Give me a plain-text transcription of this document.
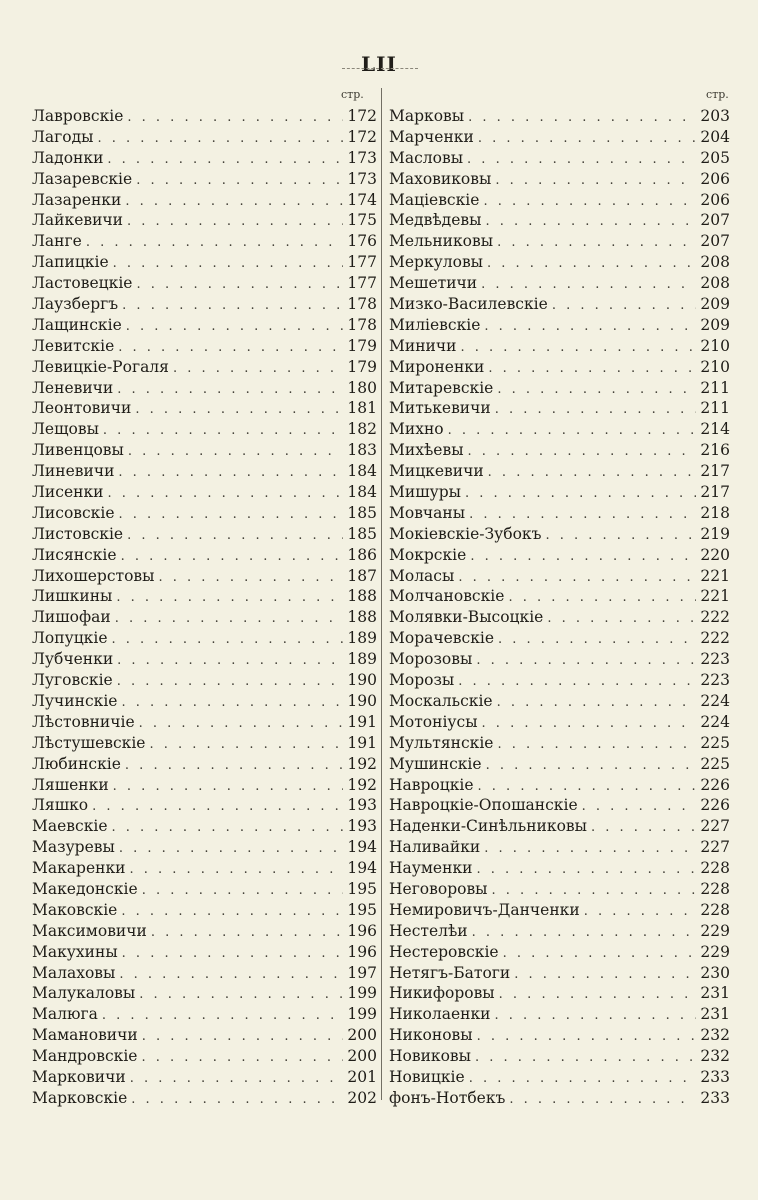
LII
стр.	стр.
Лавровскіе . . .	172
Лагоды . . .	172
Ладонки . . .	173
Лазаревскіе . . .	173
Лазаренки . . .	174
Лайкевичи . . .	175
Ланге . . .	176
Лапицкіе . . .	177
Ластовецкіе . . .	177
Лаузбергъ . . .	178
Лащинскіе . . .	178
Левитскіе . . .	179
Левицкіе-Рогаля . . .	179
Леневичи . . .	180
Леонтовичи . . .	181
Лещовы . . .	182
Ливенцовы . . .	183
Линевичи . . .	184
Лисенки . . .	184
Лисовскіе . . .	185
Листовскіе . . .	185
Лисянскіе . . .	186
Лихошерстовы . . .	187
Лишкины . . .	188
Лишофаи . . .	188
Лопуцкіе . . .	189
Лубченки . . .	189
Луговскіе . . .	190
Лучинскіе . . .	190
Лѣстовничіе . . .	191
Лѣстушевскіе . . .	191
Любинскіе . . .	192
Ляшенки . . .	192
Ляшко . . .	193
Маевскіе . . .	193
Мазуревы . . .	194
Макаренки . . .	194
Македонскіе . . .	195
Маковскіе . . .	195
Максимовичи . . .	196
Макухины . . .	196
Малаховы . . .	197
Малукаловы . . .	199
Малюга . . .	199
Мамановичи . . .	200
Мандровскіе . . .	200
Марковичи . . .	201
Марковскіе . . .	202
Марковы . . .	203
Марченки . . .	204
Масловы . . .	205
Маховиковы . . .	206
Маціевскіе . . .	206
Медвѣдевы . . .	207
Мельниковы . . .	207
Меркуловы . . .	208
Мешетичи . . .	208
Мизко-Василевскіе . . .	209
Миліевскіе . . .	209
Миничи . . .	210
Мироненки . . .	210
Митаревскіе . . .	211
Митькевичи . . .	211
Михно . . .	214
Михѣевы . . .	216
Мицкевичи . . .	217
Мишуры . . .	217
Мовчаны . . .	218
Мокіевскіе-Зубокъ . . .	219
Мокрскіе . . .	220
Моласы . . .	221
Молчановскіе . . .	221
Молявки-Высоцкіе . . .	222
Морачевскіе . . .	222
Морозовы . . .	223
Морозы . . .	223
Москальскіе . . .	224
Мотоніусы . . .	224
Мультянскіе . . .	225
Мушинскіе . . .	225
Навроцкіе . . .	226
Навроцкіе-Опошанскіе . . .	226
Наденки-Синѣльниковы . . .	227
Наливайки . . .	227
Науменки . . .	228
Неговоровы . . .	228
Немировичъ-Данченки . . .	228
Нестелѣи . . .	229
Нестеровскіе . . .	229
Нетягъ-Батоги . . .	230
Никифоровы . . .	231
Николаенки . . .	231
Никоновы . . .	232
Новиковы . . .	232
Новицкіе . . .	233
фонъ-Нотбекъ . . .	233
